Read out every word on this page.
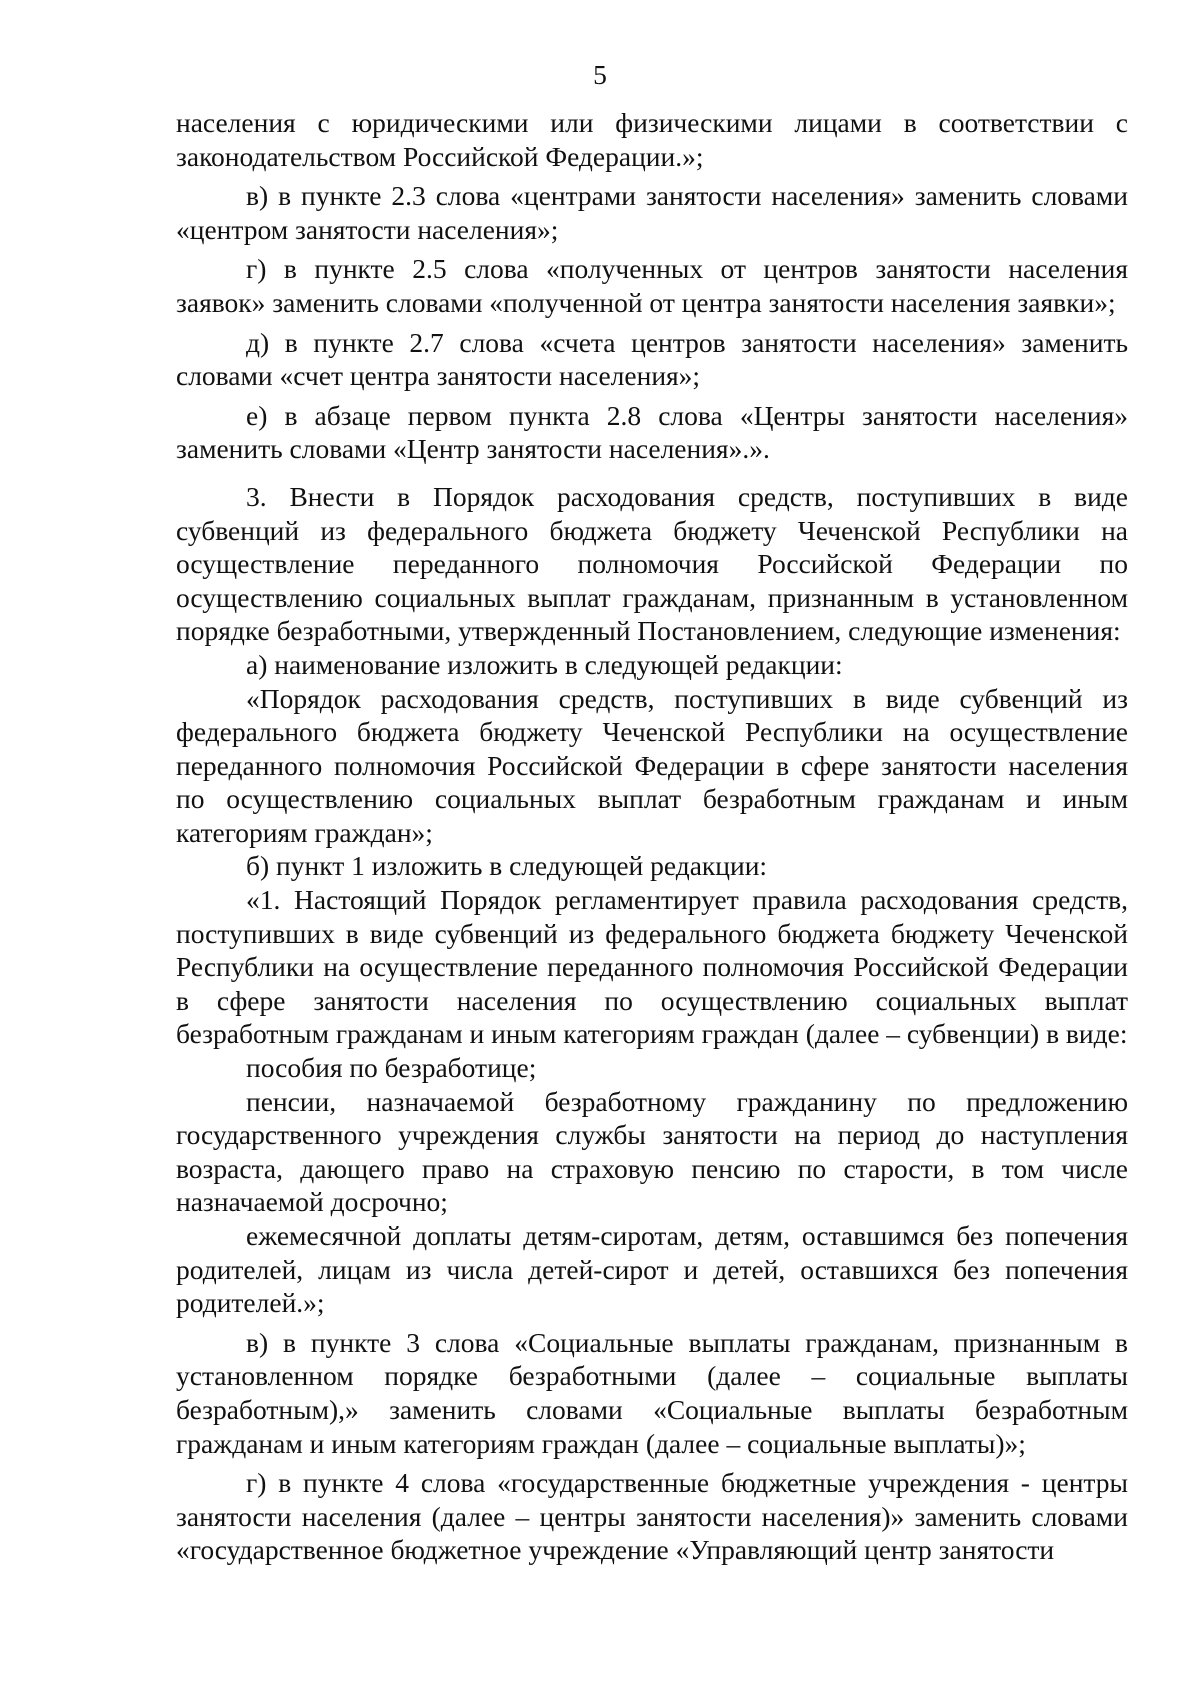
5

населения с юридическими или физическими лицами в соответствии с законодательством Российской Федерации.»;

в) в пункте 2.3 слова «центрами занятости населения» заменить словами «центром занятости населения»;

г) в пункте 2.5 слова «полученных от центров занятости населения заявок» заменить словами «полученной от центра занятости населения заявки»;

д) в пункте 2.7 слова «счета центров занятости населения» заменить словами «счет центра занятости населения»;

е) в абзаце первом пункта 2.8 слова «Центры занятости населения» заменить словами «Центр занятости населения».».

3. Внести в Порядок расходования средств, поступивших в виде субвенций из федерального бюджета бюджету Чеченской Республики на осуществление переданного полномочия Российской Федерации по осуществлению социальных выплат гражданам, признанным в установленном порядке безработными, утвержденный Постановлением, следующие изменения:

а) наименование изложить в следующей редакции:

«Порядок расходования средств, поступивших в виде субвенций из федерального бюджета бюджету Чеченской Республики на осуществление переданного полномочия Российской Федерации в сфере занятости населения по осуществлению социальных выплат безработным гражданам и иным категориям граждан»;

б) пункт 1 изложить в следующей редакции:

«1. Настоящий Порядок регламентирует правила расходования средств, поступивших в виде субвенций из федерального бюджета бюджету Чеченской Республики на осуществление переданного полномочия Российской Федерации в сфере занятости населения по осуществлению социальных выплат безработным гражданам и иным категориям граждан (далее – субвенции) в виде:

пособия по безработице;

пенсии, назначаемой безработному гражданину по предложению государственного учреждения службы занятости на период до наступления возраста, дающего право на страховую пенсию по старости, в том числе назначаемой досрочно;

ежемесячной доплаты детям-сиротам, детям, оставшимся без попечения родителей, лицам из числа детей-сирот и детей, оставшихся без попечения родителей.»;

в) в пункте 3 слова «Социальные выплаты гражданам, признанным в установленном порядке безработными (далее – социальные выплаты безработным),» заменить словами «Социальные выплаты безработным гражданам и иным категориям граждан (далее – социальные выплаты)»;

г) в пункте 4 слова «государственные бюджетные учреждения - центры занятости населения (далее – центры занятости населения)» заменить словами «государственное бюджетное учреждение «Управляющий центр занятости
